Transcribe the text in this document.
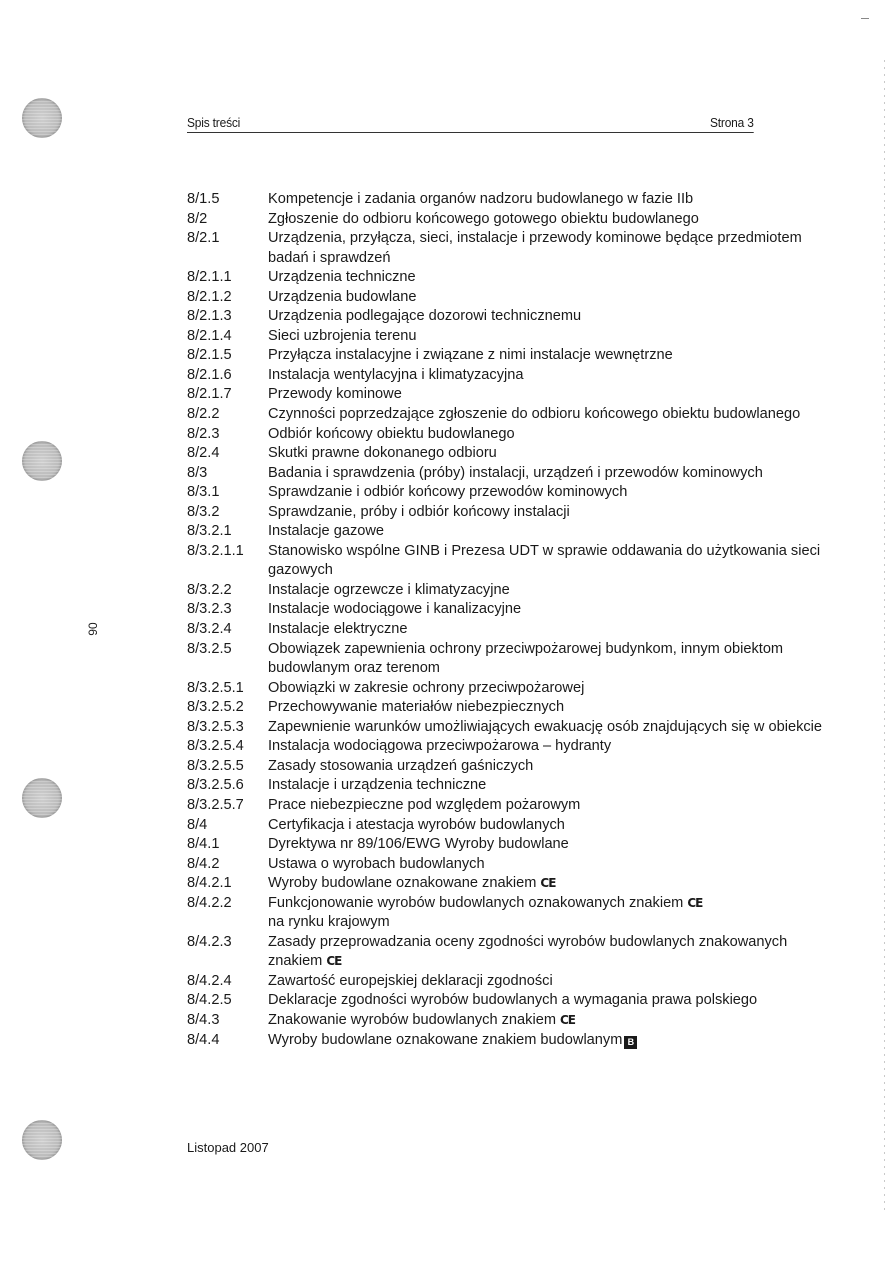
Spis treści	Strona 3
06
8/1.5	Kompetencje i zadania organów nadzoru budowlanego w fazie IIb
8/2	Zgłoszenie do odbioru końcowego gotowego obiektu budowlanego
8/2.1	Urządzenia, przyłącza, sieci, instalacje i przewody kominowe będące przedmiotem badań i sprawdzeń
8/2.1.1	Urządzenia techniczne
8/2.1.2	Urządzenia budowlane
8/2.1.3	Urządzenia podlegające dozorowi technicznemu
8/2.1.4	Sieci uzbrojenia terenu
8/2.1.5	Przyłącza instalacyjne i związane z nimi instalacje wewnętrzne
8/2.1.6	Instalacja wentylacyjna i klimatyzacyjna
8/2.1.7	Przewody kominowe
8/2.2	Czynności poprzedzające zgłoszenie do odbioru końcowego obiektu budowlanego
8/2.3	Odbiór końcowy obiektu budowlanego
8/2.4	Skutki prawne dokonanego odbioru
8/3	Badania i sprawdzenia (próby) instalacji, urządzeń i przewodów kominowych
8/3.1	Sprawdzanie i odbiór końcowy przewodów kominowych
8/3.2	Sprawdzanie, próby i odbiór końcowy instalacji
8/3.2.1	Instalacje gazowe
8/3.2.1.1	Stanowisko wspólne GINB i Prezesa UDT w sprawie oddawania do użytkowania sieci gazowych
8/3.2.2	Instalacje ogrzewcze i klimatyzacyjne
8/3.2.3	Instalacje wodociągowe i kanalizacyjne
8/3.2.4	Instalacje elektryczne
8/3.2.5	Obowiązek zapewnienia ochrony przeciwpożarowej budynkom, innym obiektom budowlanym oraz terenom
8/3.2.5.1	Obowiązki w zakresie ochrony przeciwpożarowej
8/3.2.5.2	Przechowywanie materiałów niebezpiecznych
8/3.2.5.3	Zapewnienie warunków umożliwiających ewakuację osób znajdujących się w obiekcie
8/3.2.5.4	Instalacja wodociągowa przeciwpożarowa – hydranty
8/3.2.5.5	Zasady stosowania urządzeń gaśniczych
8/3.2.5.6	Instalacje i urządzenia techniczne
8/3.2.5.7	Prace niebezpieczne pod względem pożarowym
8/4	Certyfikacja i atestacja wyrobów budowlanych
8/4.1	Dyrektywa nr 89/106/EWG Wyroby budowlane
8/4.2	Ustawa o wyrobach budowlanych
8/4.2.1	Wyroby budowlane oznakowane znakiem CE
8/4.2.2	Funkcjonowanie wyrobów budowlanych oznakowanych znakiem CE
na rynku krajowym
8/4.2.3	Zasady przeprowadzania oceny zgodności wyrobów budowlanych znakowanych znakiem CE
8/4.2.4	Zawartość europejskiej deklaracji zgodności
8/4.2.5	Deklaracje zgodności wyrobów budowlanych a wymagania prawa polskiego
8/4.3	Znakowanie wyrobów budowlanych znakiem CE
8/4.4	Wyroby budowlane oznakowane znakiem budowlanym B
Listopad 2007
